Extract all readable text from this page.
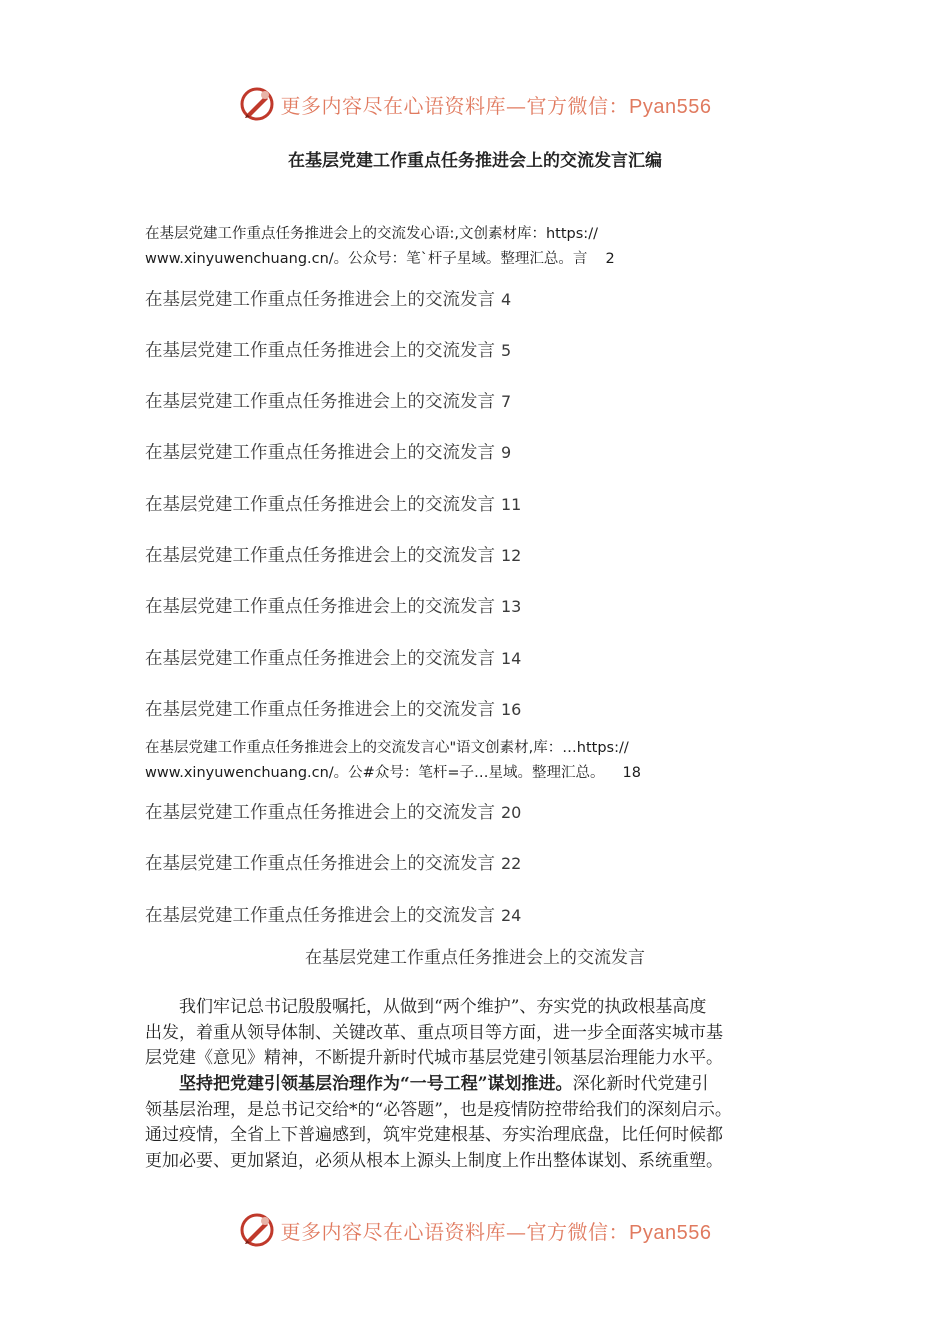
更多内容尽在心语资料库—官方微信：Pyan556
在基层党建工作重点任务推进会上的交流发言汇编
在基层党建工作重点任务推进会上的交流发心语:,文创素材库：https://
www.xinyuwenchuang.cn/。公众号：笔`杆子星域。整理汇总。言 2
在基层党建工作重点任务推进会上的交流发言 4
在基层党建工作重点任务推进会上的交流发言 5
在基层党建工作重点任务推进会上的交流发言 7
在基层党建工作重点任务推进会上的交流发言 9
在基层党建工作重点任务推进会上的交流发言 11
在基层党建工作重点任务推进会上的交流发言 12
在基层党建工作重点任务推进会上的交流发言 13
在基层党建工作重点任务推进会上的交流发言 14
在基层党建工作重点任务推进会上的交流发言 16
在基层党建工作重点任务推进会上的交流发言心"语文创素材,库：…https://
www.xinyuwenchuang.cn/。公#众号：笔杆=子…星域。整理汇总。 18
在基层党建工作重点任务推进会上的交流发言 20
在基层党建工作重点任务推进会上的交流发言 22
在基层党建工作重点任务推进会上的交流发言 24
在基层党建工作重点任务推进会上的交流发言

　　我们牢记总书记殷殷嘱托，从做到“两个维护”、夯实党的执政根基高度

出发，着重从领导体制、关键改革、重点项目等方面，进一步全面落实城市基

层党建《意见》精神，不断提升新时代城市基层党建引领基层治理能力水平。

　　坚持把党建引领基层治理作为“一号工程”谋划推进。深化新时代党建引

领基层治理，是总书记交给*的“必答题”，也是疫情防控带给我们的深刻启示。

通过疫情，全省上下普遍感到，筑牢党建根基、夯实治理底盘，比任何时候都

更加必要、更加紧迫，必须从根本上源头上制度上作出整体谋划、系统重塑。

更多内容尽在心语资料库—官方微信：Pyan556
